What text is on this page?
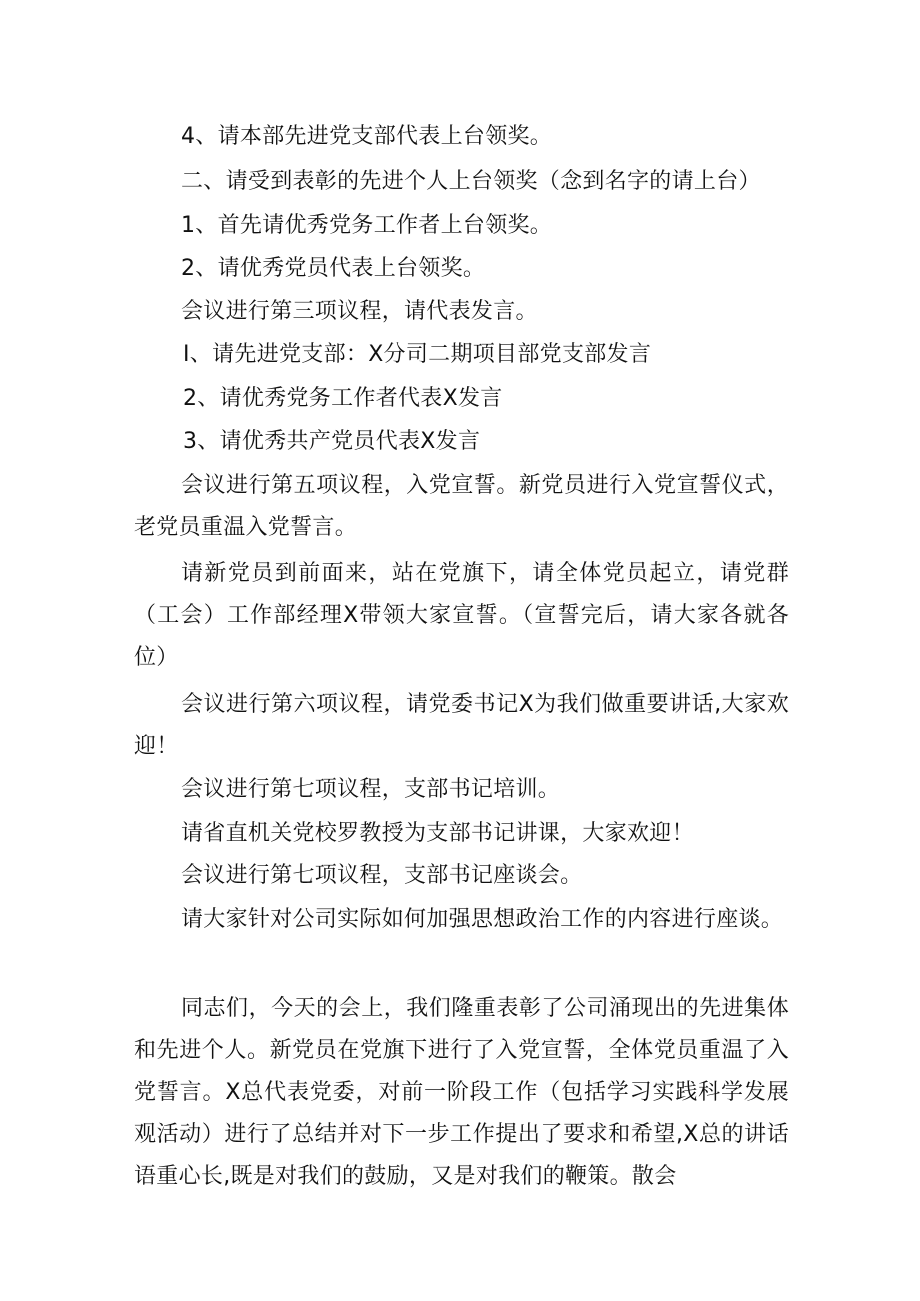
4、请本部先进党支部代表上台领奖。
二、请受到表彰的先进个人上台领奖（念到名字的请上台）
1、首先请优秀党务工作者上台领奖。
2、请优秀党员代表上台领奖。
会议进行第三项议程，请代表发言。
I、请先进党支部：X分司二期项目部党支部发言
2、请优秀党务工作者代表X发言
3、请优秀共产党员代表X发言
会议进行第五项议程，入党宣誓。新党员进行入党宣誓仪式，老党员重温入党誓言。
请新党员到前面来，站在党旗下，请全体党员起立，请党群（工会）工作部经理X带领大家宣誓。（宣誓完后，请大家各就各位）
会议进行第六项议程，请党委书记X为我们做重要讲话,大家欢迎！
会议进行第七项议程，支部书记培训。
请省直机关党校罗教授为支部书记讲课，大家欢迎！
会议进行第七项议程，支部书记座谈会。
请大家针对公司实际如何加强思想政治工作的内容进行座谈。
同志们，今天的会上，我们隆重表彰了公司涌现出的先进集体和先进个人。新党员在党旗下进行了入党宣誓，全体党员重温了入党誓言。X总代表党委，对前一阶段工作（包括学习实践科学发展观活动）进行了总结并对下一步工作提出了要求和希望,X总的讲话语重心长,既是对我们的鼓励，又是对我们的鞭策。散会
